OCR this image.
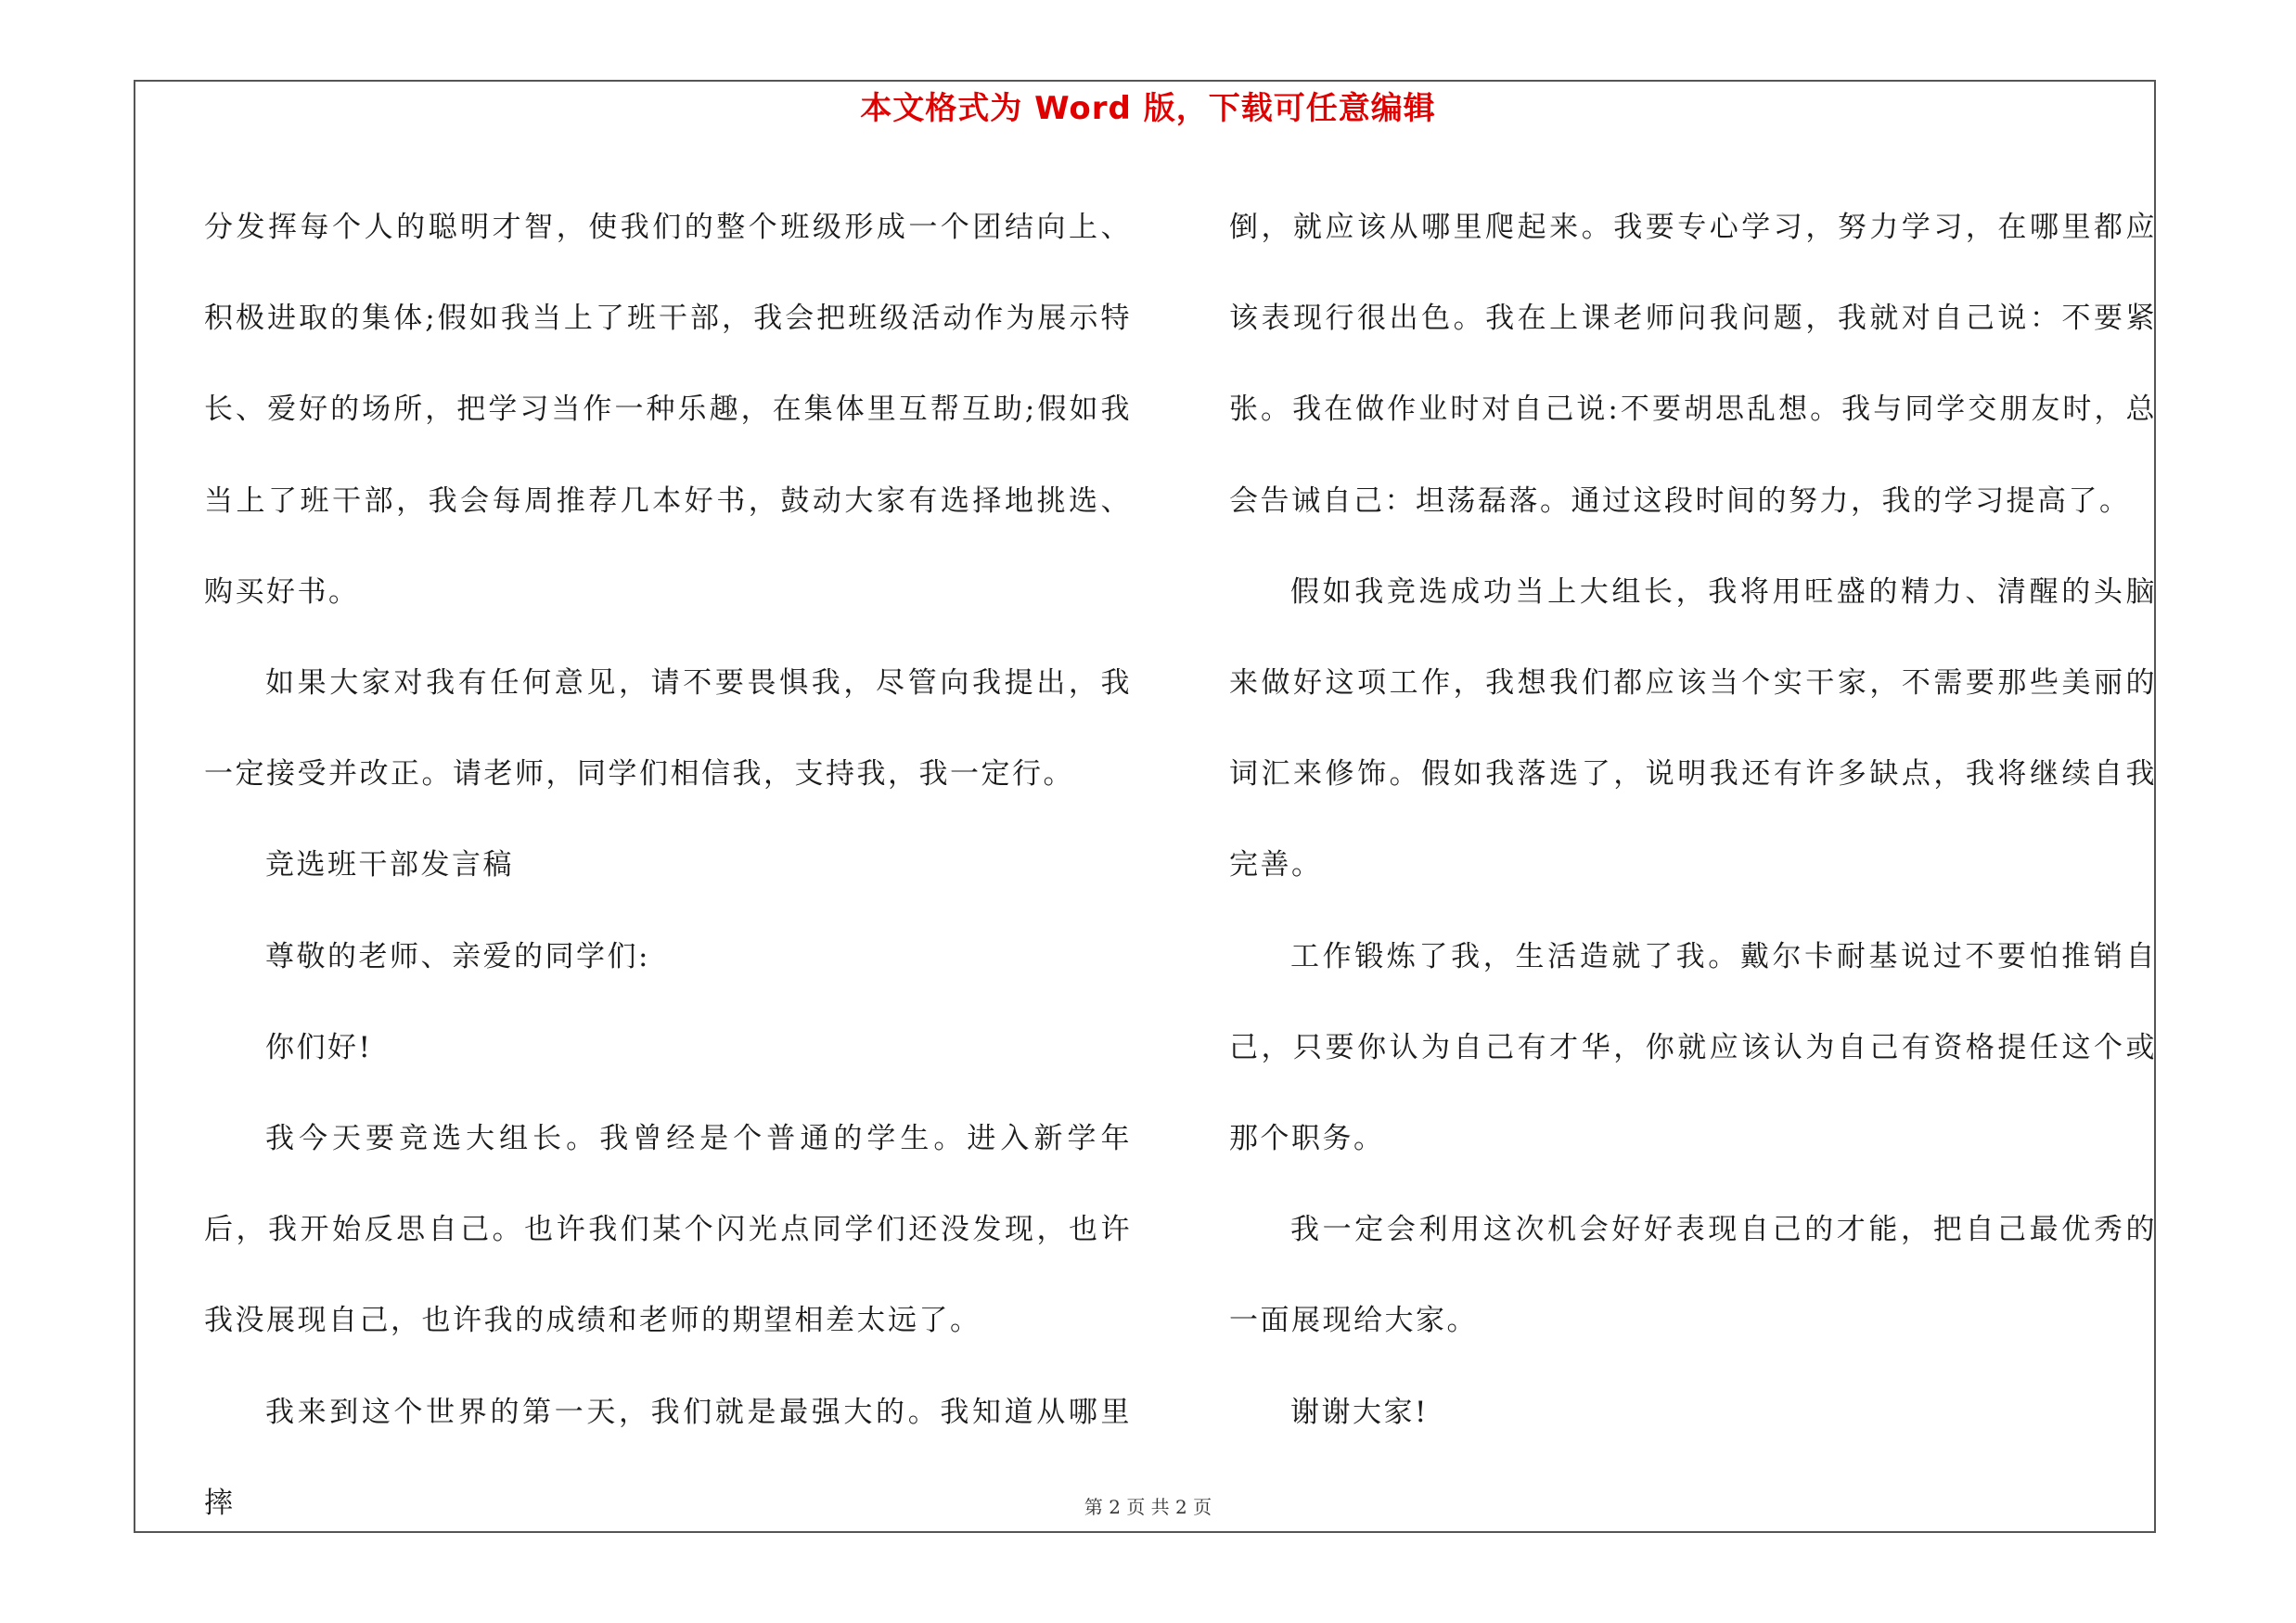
本文格式为 Word 版，下载可任意编辑

分发挥每个人的聪明才智，使我们的整个班级形成一个团结向上、积极进取的集体;假如我当上了班干部，我会把班级活动作为展示特长、爱好的场所，把学习当作一种乐趣，在集体里互帮互助;假如我当上了班干部，我会每周推荐几本好书，鼓动大家有选择地挑选、购买好书。

如果大家对我有任何意见，请不要畏惧我，尽管向我提出，我一定接受并改正。请老师，同学们相信我，支持我，我一定行。

竞选班干部发言稿

尊敬的老师、亲爱的同学们:

你们好!

我今天要竞选大组长。我曾经是个普通的学生。进入新学年后，我开始反思自己。也许我们某个闪光点同学们还没发现，也许我没展现自己，也许我的成绩和老师的期望相差太远了。

我来到这个世界的第一天，我们就是最强大的。我知道从哪里摔

倒，就应该从哪里爬起来。我要专心学习，努力学习，在哪里都应该表现行很出色。我在上课老师问我问题，我就对自己说：不要紧张。我在做作业时对自己说:不要胡思乱想。我与同学交朋友时，总会告诫自己：坦荡磊落。通过这段时间的努力，我的学习提高了。

假如我竞选成功当上大组长，我将用旺盛的精力、清醒的头脑来做好这项工作，我想我们都应该当个实干家，不需要那些美丽的词汇来修饰。假如我落选了，说明我还有许多缺点，我将继续自我完善。

工作锻炼了我，生活造就了我。戴尔卡耐基说过不要怕推销自己，只要你认为自己有才华，你就应该认为自己有资格提任这个或那个职务。

我一定会利用这次机会好好表现自己的才能，把自己最优秀的一面展现给大家。

谢谢大家!

第 2 页 共 2 页
